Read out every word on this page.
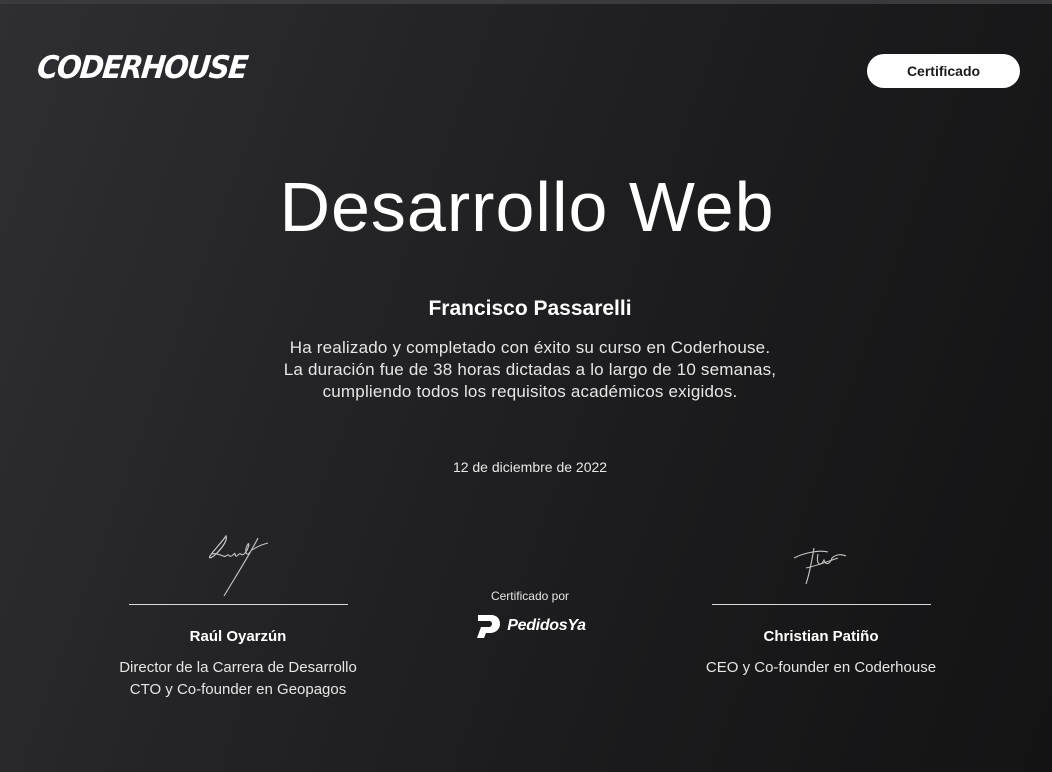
CODERHOUSE	Certificado
Desarrollo Web
Francisco Passarelli
Ha realizado y completado con éxito su curso en Coderhouse.
La duración fue de 38 horas dictadas a lo largo de 10 semanas,
cumpliendo todos los requisitos académicos exigidos.
12 de diciembre de 2022
Raúl Oyarzún
Director de la Carrera de Desarrollo
CTO y Co-founder en Geopagos
Certificado por
PedidosYa
Christian Patiño
CEO y Co-founder en Coderhouse
